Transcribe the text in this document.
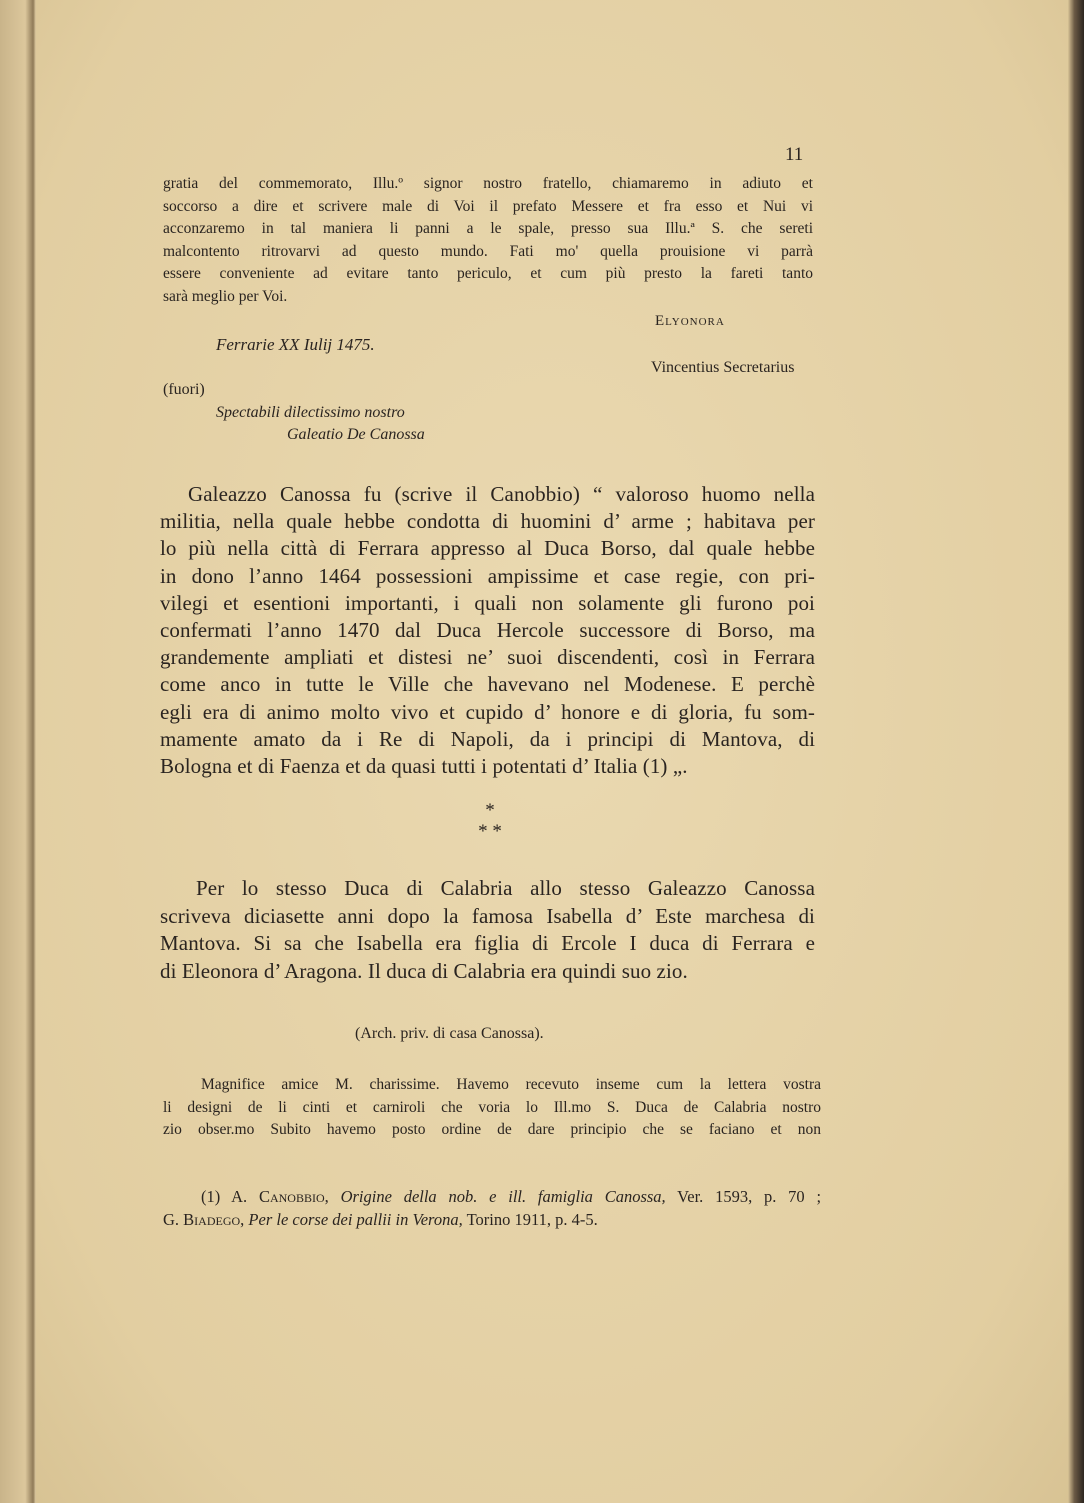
11
gratia del commemorato, Illu.º signor nostro fratello, chiamaremo in adiuto et
soccorso a dire et scrivere male di Voi il prefato Messere et fra esso et Nui vi
acconzaremo in tal maniera li panni a le spale, presso sua Illu.ª S. che sereti
malcontento ritrovarvi ad questo mundo. Fati mo' quella prouisione vi parrà
essere conveniente ad evitare tanto periculo, et cum più presto la fareti tanto
sarà meglio per Voi.
Elyonora
Ferrarie XX Iulij 1475.
Vincentius Secretarius
(fuori)
Spectabili dilectissimo nostro
Galeatio De Canossa
Galeazzo Canossa fu (scrive il Canobbio) “ valoroso huomo nella
militia, nella quale hebbe condotta di huomini d’ arme ; habitava per
lo più nella città di Ferrara appresso al Duca Borso, dal quale hebbe
in dono l’anno 1464 possessioni ampissime et case regie, con pri-
vilegi et esentioni importanti, i quali non solamente gli furono poi
confermati l’anno 1470 dal Duca Hercole successore di Borso, ma
grandemente ampliati et distesi ne’ suoi discendenti, così in Ferrara
come anco in tutte le Ville che havevano nel Modenese. E perchè
egli era di animo molto vivo et cupido d’ honore e di gloria, fu som-
mamente amato da i Re di Napoli, da i principi di Mantova, di
Bologna et di Faenza et da quasi tutti i potentati d’ Italia (1) „.
*
* *
Per lo stesso Duca di Calabria allo stesso Galeazzo Canossa
scriveva diciasette anni dopo la famosa Isabella d’ Este marchesa di
Mantova. Si sa che Isabella era figlia di Ercole I duca di Ferrara e
di Eleonora d’ Aragona. Il duca di Calabria era quindi suo zio.
(Arch. priv. di casa Canossa).
Magnifice amice M. charissime. Havemo recevuto inseme cum la lettera vostra
li designi de li cinti et carniroli che voria lo Ill.mo S. Duca de Calabria nostro
zio obser.mo Subito havemo posto ordine de dare principio che se faciano et non
(1) A. Canobbio, Origine della nob. e ill. famiglia Canossa, Ver. 1593, p. 70 ;
G. Biadego, Per le corse dei pallii in Verona, Torino 1911, p. 4-5.
